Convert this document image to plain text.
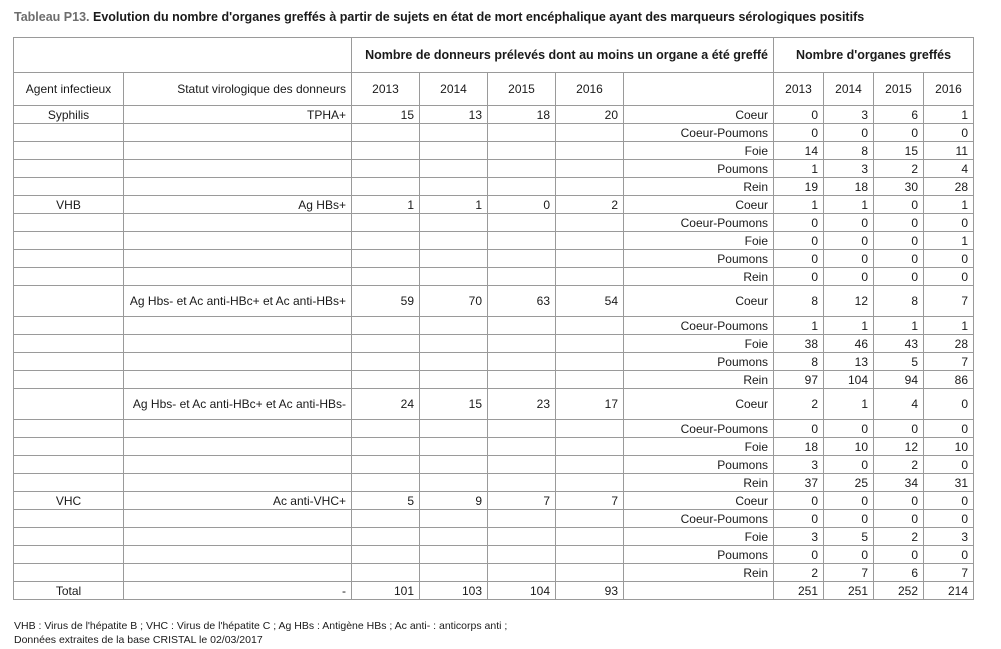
Tableau P13. Evolution du nombre d'organes greffés à partir de sujets en état de mort encéphalique ayant des marqueurs sérologiques positifs
		Nombre de donneurs prélevés dont au moins un organe a été greffé					Nombre d'organes greffés			
Agent infectieux	Statut virologique des donneurs	2013	2014	2015	2016		2013	2014	2015	2016
Syphilis	TPHA+	15	13	18	20	Coeur	0	3	6	1
						Coeur-Poumons	0	0	0	0
						Foie	14	8	15	11
						Poumons	1	3	2	4
						Rein	19	18	30	28
VHB	Ag HBs+	1	1	0	2	Coeur	1	1	0	1
						Coeur-Poumons	0	0	0	0
						Foie	0	0	0	1
						Poumons	0	0	0	0
						Rein	0	0	0	0
	Ag Hbs- et Ac anti-HBc+ et Ac anti-HBs+	59	70	63	54	Coeur	8	12	8	7
						Coeur-Poumons	1	1	1	1
						Foie	38	46	43	28
						Poumons	8	13	5	7
						Rein	97	104	94	86
	Ag Hbs- et Ac anti-HBc+ et Ac anti-HBs-	24	15	23	17	Coeur	2	1	4	0
						Coeur-Poumons	0	0	0	0
						Foie	18	10	12	10
						Poumons	3	0	2	0
						Rein	37	25	34	31
VHC	Ac anti-VHC+	5	9	7	7	Coeur	0	0	0	0
						Coeur-Poumons	0	0	0	0
						Foie	3	5	2	3
						Poumons	0	0	0	0
						Rein	2	7	6	7
Total	-	101	103	104	93		251	251	252	214
VHB : Virus de l'hépatite B ; VHC : Virus de l'hépatite C ; Ag HBs : Antigène HBs ; Ac anti- : anticorps anti ;
Données extraites de la base CRISTAL le 02/03/2017
